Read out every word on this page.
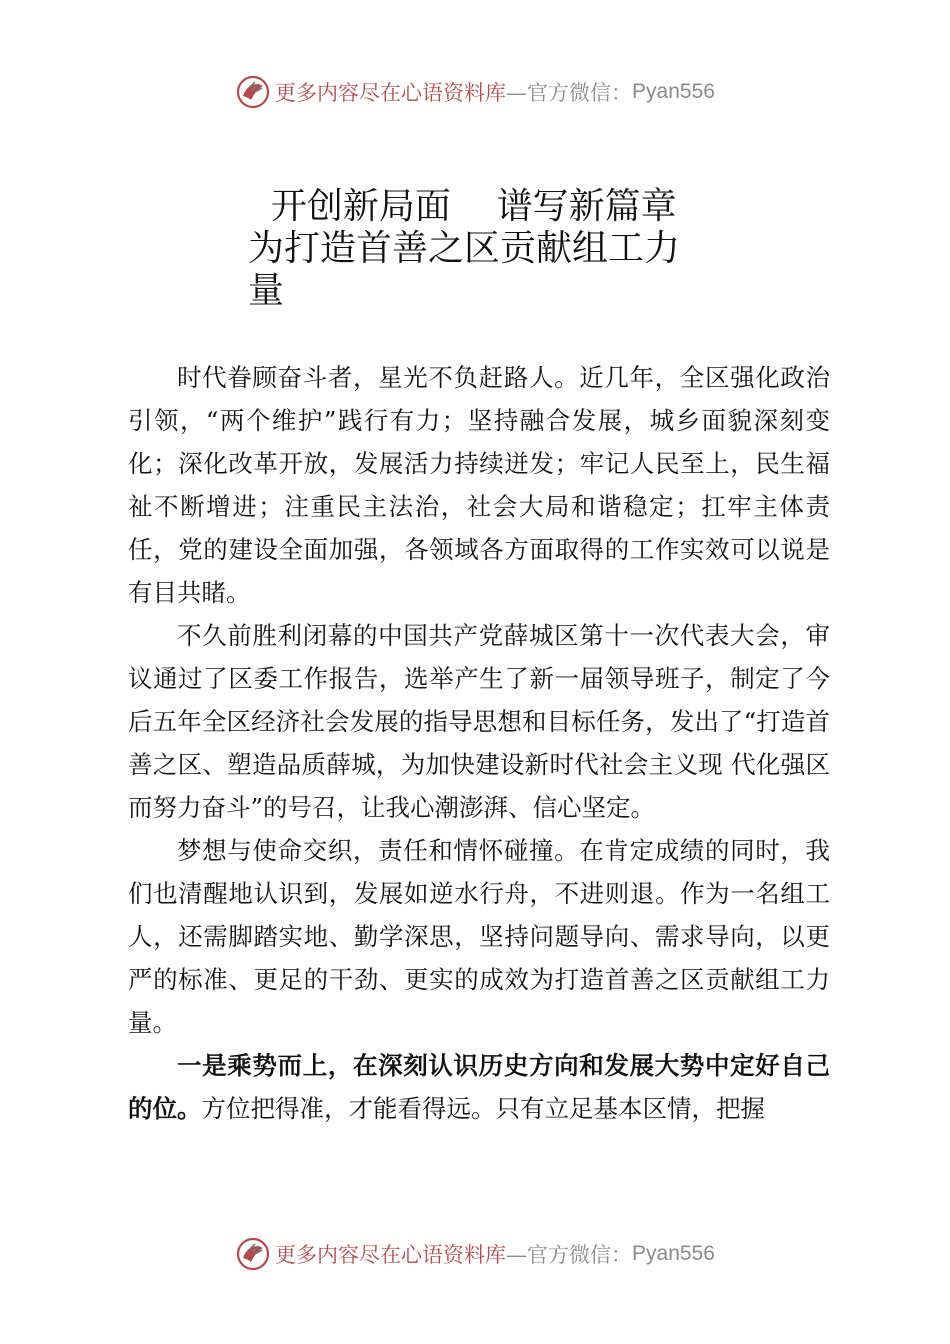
更多内容尽在心语资料库 —官方微信： Pyan556
开创新局面    谱写新篇章
为打造首善之区贡献组工力
量

时代眷顾奋斗者，星光不负赶路人。近几年，全区强化政治引领，“两个维护”践行有力；坚持融合发展，城乡面貌深刻变化；深化改革开放，发展活力持续迸发；牢记人民至上，民生福祉不断增进；注重民主法治，社会大局和谐稳定；扛牢主体责任，党的建设全面加强，各领域各方面取得的工作实效可以说是有目共睹。

不久前胜利闭幕的中国共产党薛城区第十一次代表大会，审议通过了区委工作报告，选举产生了新一届领导班子，制定了今后五年全区经济社会发展的指导思想和目标任务，发出了“打造首善之区、塑造品质薛城，为加快建设新时代社会主义现 代化强区而努力奋斗”的号召，让我心潮澎湃、信心坚定。

梦想与使命交织，责任和情怀碰撞。在肯定成绩的同时，我们也清醒地认识到，发展如逆水行舟，不进则退。作为一名组工人，还需脚踏实地、勤学深思，坚持问题导向、需求导向，以更严的标准、更足的干劲、更实的成效为打造首善之区贡献组工力量。

一是乘势而上，在深刻认识历史方向和发展大势中定好自己的位。方位把得准，才能看得远。只有立足基本区情，把握

更多内容尽在心语资料库 —官方微信： Pyan556
